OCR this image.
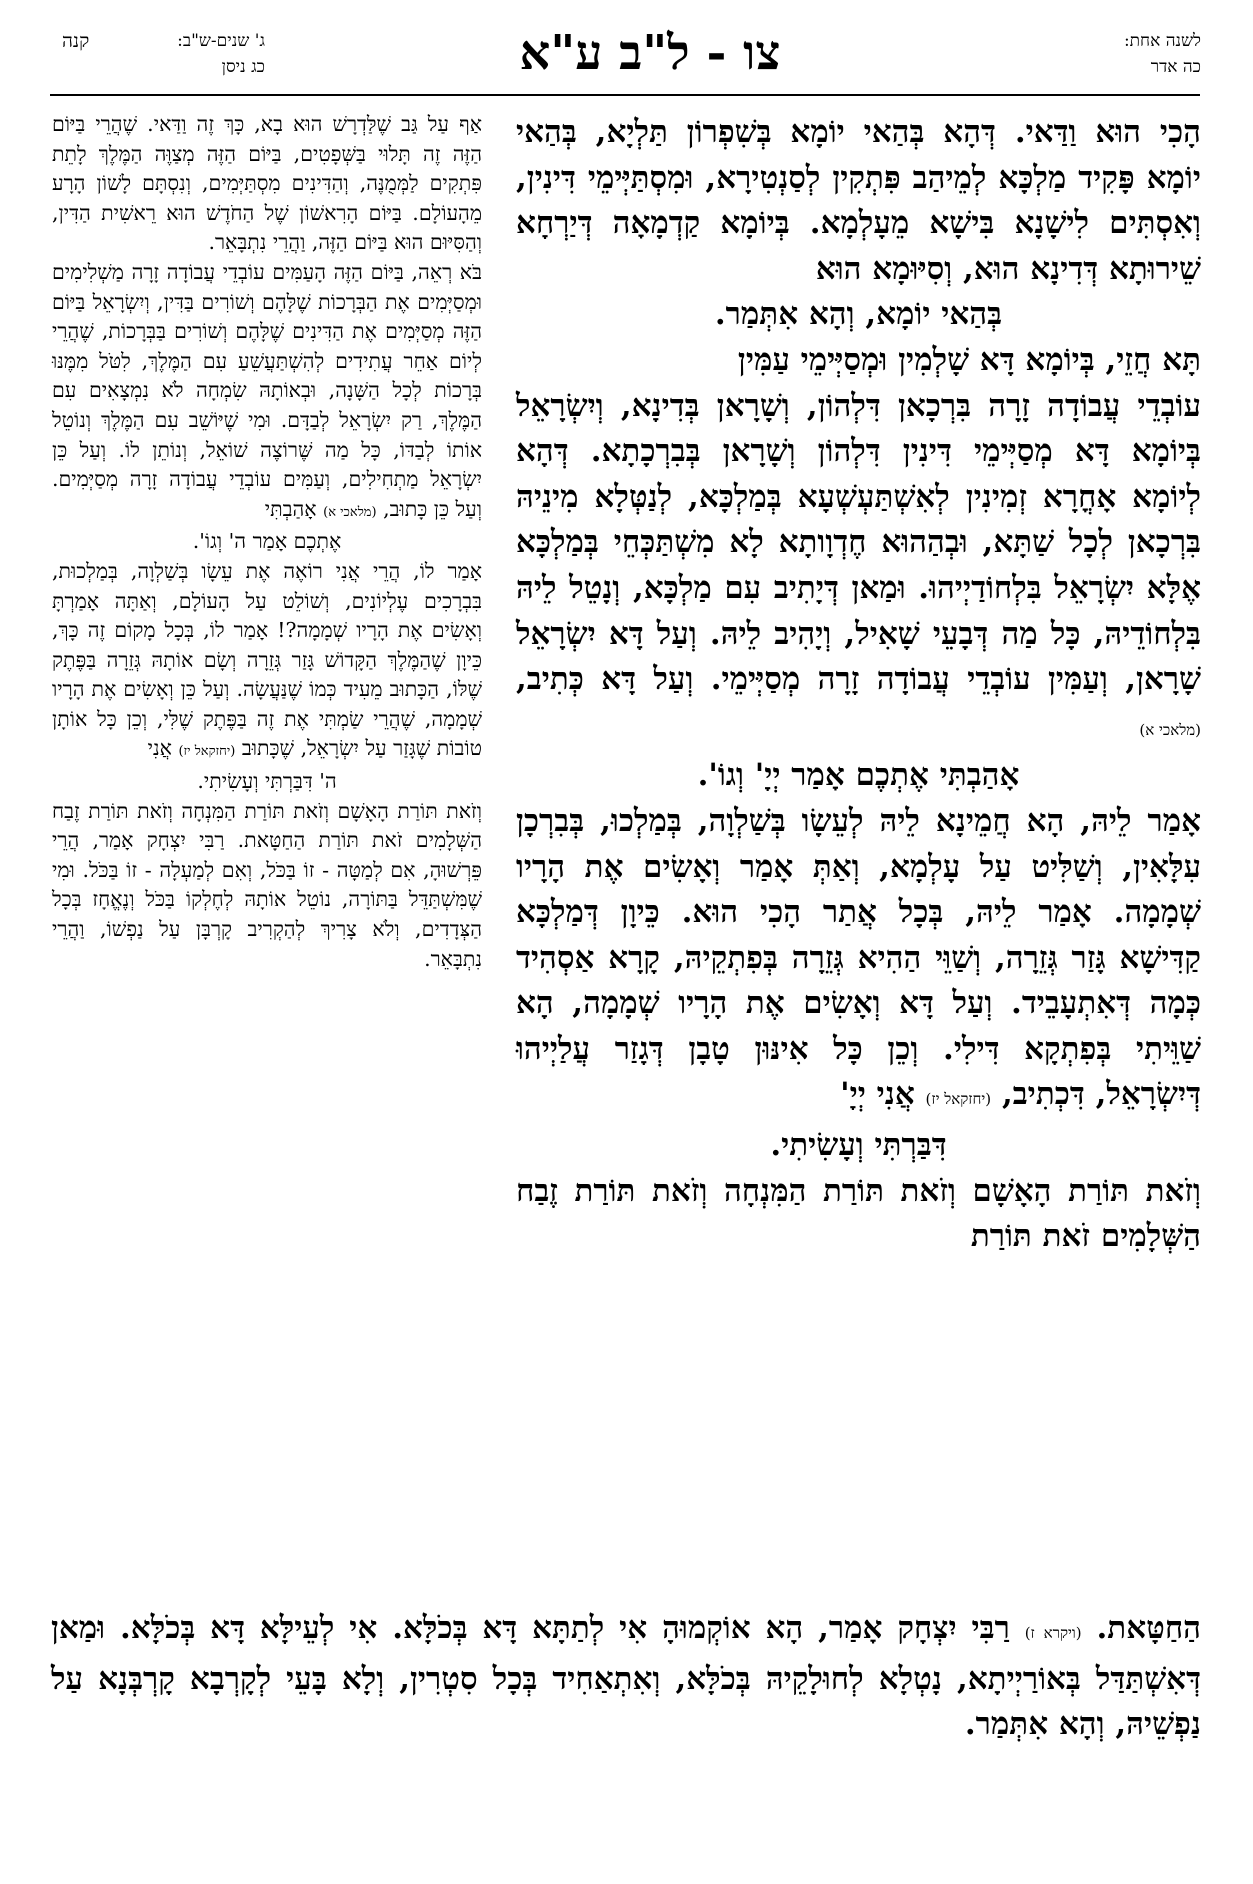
לשנה אחת:
כה אדר
צו - ל"ב ע"א
ג' שנים-ש"ב:
כג ניסן
קנה

הָכִי הוּא וַדַּאי. דְּהָא בְּהַאי יוֹמָא בְּשִׁפְרוֹן תַּלְיָא, בְּהַאי יוֹמָא פָּקִיד מַלְכָּא לְמֵיהַב פִּתְקִין לְסַנְטִירָא, וּמִסְתַּיְּימֵי דִּינִין, וְאִסְתִּים לִישָׁנָא בִּישָׁא מֵעָלְמָא. בְּיוֹמָא קַדְמָאָה דְּיַרְחָא שֵׁירוּתָא דְּדִינָא הוּא, וְסִיּוּמָא הוּא

בְּהַאי יוֹמָא, וְהָא אִתְּמַר.

תָּא חֲזֵי, בְּיוֹמָא דָּא שָׁלְמִין וּמְסַיְּימֵי עַמִּין

עוֹבְדֵי עֲבוֹדָה זָרָה בִּרְכָאן דִּלְהוֹן, וְשָׁרָאן בְּדִינָא, וְיִשְׂרָאֵל בְּיוֹמָא דָּא מְסַיְּימֵי דִּינִין דִּלְהוֹן וְשָׁרָאן בְּבִרְכָתָא. דְּהָא לְיוֹמָא אָחֳרָא זְמִינִין לְאִשְׁתַּעְשְׁעָא בְּמַלְכָּא, לְנַטְּלָא מִינֵיהּ בִּרְכָאן לְכָל שַׁתָּא, וּבְהַהוּא חֶדְוָותָא לָא מִשְׁתַּכְּחֵי בְּמַלְכָּא אֶלָּא יִשְׂרָאֵל בִּלְחוֹדַיְיהוּ. וּמַאן דְּיָתִיב עִם מַלְכָּא, וְנָטֵל לֵיהּ בִּלְחוֹדֵיהּ, כָּל מַה דְּבָעֵי שָׁאִיל, וְיָהִיב לֵיהּ. וְעַל דָּא יִשְׂרָאֵל שָׁרָאן, וְעַמִּין עוֹבְדֵי עֲבוֹדָה זָרָה מְסַיְּימֵי. וְעַל דָּא כְּתִיב, (מלאכי א)

אָהַבְתִּי אֶתְכֶם אָמַר יְיָ' וְגוֹ'.

אָמַר לֵיהּ, הָא חֲמֵינָא לֵיהּ לְעֵשָׂו בְּשַׁלְוָה, בְּמַלְכוּ, בְּבִרְכָן עִלָּאִין, וְשַׁלִּיט עַל עָלְמָא, וְאַתְּ אָמַר וְאָשִׂים אֶת הָרָיו שְׁמָמָה. אָמַר לֵיהּ, בְּכָל אֲתַר הָכִי הוּא. כֵּיוָן דְּמַלְכָּא קַדִּישָׁא גָּזַר גְּזֵרָה, וְשַׁוֵּי הַהִיא גְּזֵרָה בְּפִתְקֵיהּ, קָרָא אַסְהִיד כְּמָה דְּאִתְעָבֵיד. וְעַל דָּא וְאָשִׂים אֶת הָרָיו שְׁמָמָה, הָא שַׁוֵּיתִי בְּפִתְקָא דִּילִי. וְכֵן כָּל אִינּוּן טָבָן דְּגָזַר עֲלַיְיהוּ דְּיִשְׂרָאֵל, דִּכְתִיב, (יחזקאל יז) אֲנִי יְיָ'

דִּבַּרְתִּי וְעָשִׂיתִי.

וְזֹאת תּוֹרַת הָאָשָׁם וְזֹאת תּוֹרַת הַמִּנְחָה וְזֹאת תּוֹרַת זֶבַח הַשְּׁלָמִים זֹאת תּוֹרַת

אַף עַל גַּב שֶׁלַּדְרָשׁ הוּא בָא, כָּךְ זֶה וַדַּאי. שֶׁהֲרֵי בַּיּוֹם הַזֶּה זֶה תָּלוּי בַּשְּׁפָטִים, בַּיּוֹם הַזֶּה מְצַוֶּה הַמֶּלֶךְ לָתֵת פִּתְקִים לַמְּמֻנֶּה, וְהַדִּינִים מִסְתַּיְּמִים, וְנִסְתָּם לָשׁוֹן הָרָע מֵהָעוֹלָם. בַּיּוֹם הָרִאשׁוֹן שֶׁל הַחֹדֶשׁ הוּא רֵאשִׁית הַדִּין, וְהַסִּיּוּם הוּא בַּיּוֹם הַזֶּה, וַהֲרֵי נִתְבָּאֵר.

בֹּא רְאֵה, בַּיּוֹם הַזֶּה הָעַמִּים עוֹבְדֵי עֲבוֹדָה זָרָה מַשְׁלִימִים וּמְסַיְּמִים אֶת הַבְּרָכוֹת שֶׁלָּהֶם וְשׁוֹרִים בַּדִּין, וְיִשְׂרָאֵל בַּיּוֹם הַזֶּה מְסַיְּמִים אֶת הַדִּינִים שֶׁלָּהֶם וְשׁוֹרִים בַּבְּרָכוֹת, שֶׁהֲרֵי לְיוֹם אַחֵר עֲתִידִים לְהִשְׁתַּעֲשֵׁעַ עִם הַמֶּלֶךְ, לִטֹּל מִמֶּנּוּ בְּרָכוֹת לְכָל הַשָּׁנָה, וּבְאוֹתָהּ שִׂמְחָה לֹא נִמְצָאִים עִם הַמֶּלֶךְ, רַק יִשְׂרָאֵל לְבַדָּם. וּמִי שֶׁיּוֹשֵׁב עִם הַמֶּלֶךְ וְנוֹטֵל אוֹתוֹ לְבַדּוֹ, כָּל מַה שֶּׁרוֹצֶה שׁוֹאֵל, וְנוֹתֵן לוֹ. וְעַל כֵּן יִשְׂרָאֵל מַתְחִילִים, וְעַמִּים עוֹבְדֵי עֲבוֹדָה זָרָה מְסַיְּמִים. וְעַל כֵּן כָּתוּב, (מלאכי א) אָהַבְתִּי

אֶתְכֶם אָמַר ה' וְגוֹ'.

אָמַר לוֹ, הֲרֵי אֲנִי רוֹאֶה אֶת עֵשָׂו בְּשַׁלְוָה, בְּמַלְכוּת, בִּבְרָכִים עֶלְיוֹנִים, וְשׁוֹלֵט עַל הָעוֹלָם, וְאַתָּה אָמַרְתָּ וְאָשִׂים אֶת הָרָיו שְׁמָמָה?! אָמַר לוֹ, בְּכָל מָקוֹם זֶה כָּךְ, כֵּיוָן שֶׁהַמֶּלֶךְ הַקָּדוֹשׁ גָּזַר גְּזֵרָה וְשָׂם אוֹתָהּ גְּזֵרָה בַּפֶּתֶק שֶׁלּוֹ, הַכָּתוּב מֵעִיד כְּמוֹ שֶׁנַּעֲשָׂה. וְעַל כֵּן וְאָשִׂים אֶת הָרָיו שְׁמָמָה, שֶׁהֲרֵי שַׂמְתִּי אֶת זֶה בַּפֶּתֶק שֶׁלִּי, וְכֵן כָּל אוֹתָן טוֹבוֹת שֶׁגָּזַר עַל יִשְׂרָאֵל, שֶׁכָּתוּב (יחזקאל יז) אֲנִי

ה' דִּבַּרְתִּי וְעָשִׂיתִי.

וְזֹאת תּוֹרַת הָאָשָׁם וְזֹאת תּוֹרַת הַמִּנְחָה וְזֹאת תּוֹרַת זֶבַח הַשְּׁלָמִים זֹאת תּוֹרַת הַחַטָּאת. רַבִּי יִצְחָק אָמַר, הֲרֵי פֵּרְשׁוּהָ, אִם לְמַטָּה - זוֹ בַּכֹּל, וְאִם לְמַעְלָה - זוֹ בַּכֹּל. וּמִי שֶׁמִּשְׁתַּדֵּל בַּתּוֹרָה, נוֹטֵל אוֹתָהּ לְחֶלְקוֹ בַּכֹּל וְנֶאֱחָז בְּכָל הַצְּדָדִים, וְלֹא צָרִיךְ לְהַקְרִיב קָרְבָּן עַל נַפְשׁוֹ, וַהֲרֵי נִתְבָּאֵר.

הַחַטָּאת. (ויקרא ז) רַבִּי יִצְחָק אָמַר, הָא אוֹקְמוּהָ אִי לְתַתָּא דָּא בְּכֹלָּא. אִי לְעֵילָּא דָּא בְּכֹלָּא. וּמַאן דְּאִשְׁתַּדַּל בְּאוֹרַיְיתָא, נָטְלָא לְחוּלָקֵיהּ בְּכֹלָּא, וְאִתְאַחִיד בְּכָל סִטְרִין, וְלָא בָּעֵי לְקָרְבָא קָרְבְּנָא עַל נַפְשֵׁיהּ, וְהָא אִתְּמַר.
